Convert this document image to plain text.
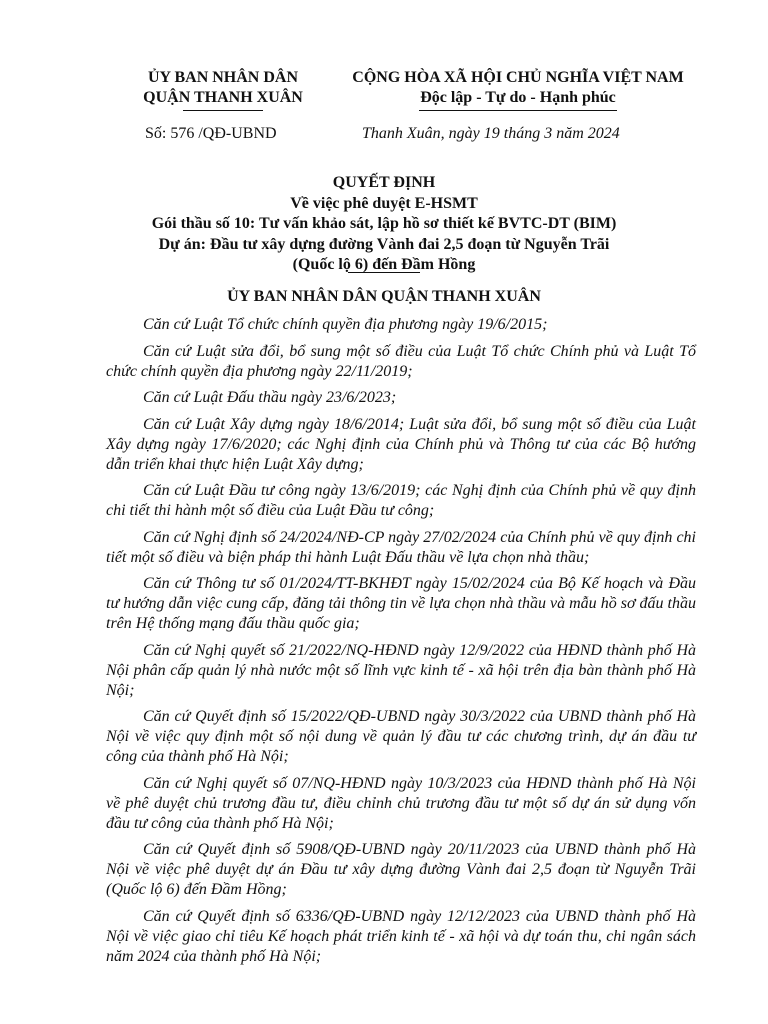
ỦY BAN NHÂN DÂN
QUẬN THANH XUÂN
CỘNG HÒA XÃ HỘI CHỦ NGHĨA VIỆT NAM
Độc lập - Tự do - Hạnh phúc
Số: 576 /QĐ-UBND	Thanh Xuân, ngày 19 tháng 3 năm 2024
QUYẾT ĐỊNH
Về việc phê duyệt E-HSMT
Gói thầu số 10: Tư vấn khảo sát, lập hồ sơ thiết kế BVTC-DT (BIM)
Dự án: Đầu tư xây dựng đường Vành đai 2,5 đoạn từ Nguyễn Trãi
(Quốc lộ 6) đến Đầm Hồng
ỦY BAN NHÂN DÂN QUẬN THANH XUÂN

Căn cứ Luật Tổ chức chính quyền địa phương ngày 19/6/2015;

Căn cứ Luật sửa đổi, bổ sung một số điều của Luật Tổ chức Chính phủ và Luật Tổ chức chính quyền địa phương ngày 22/11/2019;

Căn cứ Luật Đấu thầu ngày 23/6/2023;

Căn cứ Luật Xây dựng ngày 18/6/2014; Luật sửa đổi, bổ sung một số điều của Luật Xây dựng ngày 17/6/2020; các Nghị định của Chính phủ và Thông tư của các Bộ hướng dẫn triển khai thực hiện Luật Xây dựng;

Căn cứ Luật Đầu tư công ngày 13/6/2019; các Nghị định của Chính phủ về quy định chi tiết thi hành một số điều của Luật Đầu tư công;

Căn cứ Nghị định số 24/2024/NĐ-CP ngày 27/02/2024 của Chính phủ về quy định chi tiết một số điều và biện pháp thi hành Luật Đấu thầu về lựa chọn nhà thầu;

Căn cứ Thông tư số 01/2024/TT-BKHĐT ngày 15/02/2024 của Bộ Kế hoạch và Đầu tư hướng dẫn việc cung cấp, đăng tải thông tin về lựa chọn nhà thầu và mẫu hồ sơ đấu thầu trên Hệ thống mạng đấu thầu quốc gia;

Căn cứ Nghị quyết số 21/2022/NQ-HĐND ngày 12/9/2022 của HĐND thành phố Hà Nội phân cấp quản lý nhà nước một số lĩnh vực kinh tế - xã hội trên địa bàn thành phố Hà Nội;

Căn cứ Quyết định số 15/2022/QĐ-UBND ngày 30/3/2022 của UBND thành phố Hà Nội về việc quy định một số nội dung về quản lý đầu tư các chương trình, dự án đầu tư công của thành phố Hà Nội;

Căn cứ Nghị quyết số 07/NQ-HĐND ngày 10/3/2023 của HĐND thành phố Hà Nội về phê duyệt chủ trương đầu tư, điều chỉnh chủ trương đầu tư một số dự án sử dụng vốn đầu tư công của thành phố Hà Nội;

Căn cứ Quyết định số 5908/QĐ-UBND ngày 20/11/2023 của UBND thành phố Hà Nội về việc phê duyệt dự án Đầu tư xây dựng đường Vành đai 2,5 đoạn từ Nguyễn Trãi (Quốc lộ 6) đến Đầm Hồng;

Căn cứ Quyết định số 6336/QĐ-UBND ngày 12/12/2023 của UBND thành phố Hà Nội về việc giao chỉ tiêu Kế hoạch phát triển kinh tế - xã hội và dự toán thu, chi ngân sách năm 2024 của thành phố Hà Nội;
